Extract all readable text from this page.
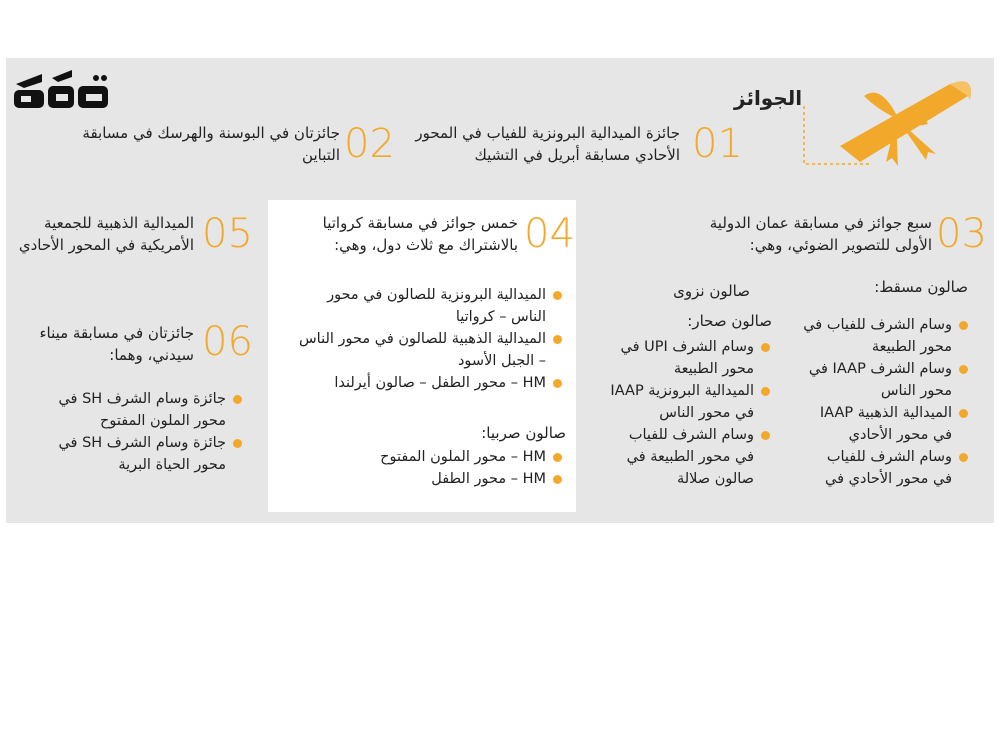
الجوائز
01
جائزة الميدالية البرونزية للفياب في المحور
الأحادي مسابقة أبريل في التشيك
02
جائزتان في البوسنة والهرسك في مسابقة
التباين
03
سبع جوائز في مسابقة عمان الدولية
الأولى للتصوير الضوئي، وهي:
04
خمس جوائز في مسابقة كرواتيا
بالاشتراك مع ثلاث دول، وهي:
05
الميدالية الذهبية للجمعية
الأمريكية في المحور الأحادي
06
جائزتان في مسابقة ميناء
سيدني، وهما:
صالون مسقط:
وسام الشرف للفياب في
محور الطبيعة
وسام الشرف IAAP في
محور الناس
الميدالية الذهبية IAAP
في محور الأحادي
وسام الشرف للفياب
في محور الأحادي في
صالون نزوى
صالون صحار:
وسام الشرف UPI في
محور الطبيعة
الميدالية البرونزية IAAP
في محور الناس
وسام الشرف للفياب
في محور الطبيعة في
صالون صلالة
الميدالية البرونزية للصالون في محور
الناس – كرواتيا
الميدالية الذهبية للصالون في محور الناس
– الجبل الأسود
HM – محور الطفل – صالون أيرلندا
صالون صربيا:
HM – محور الملون المفتوح
HM – محور الطفل
جائزة وسام الشرف SH في
محور الملون المفتوح
جائزة وسام الشرف SH في
محور الحياة البرية
